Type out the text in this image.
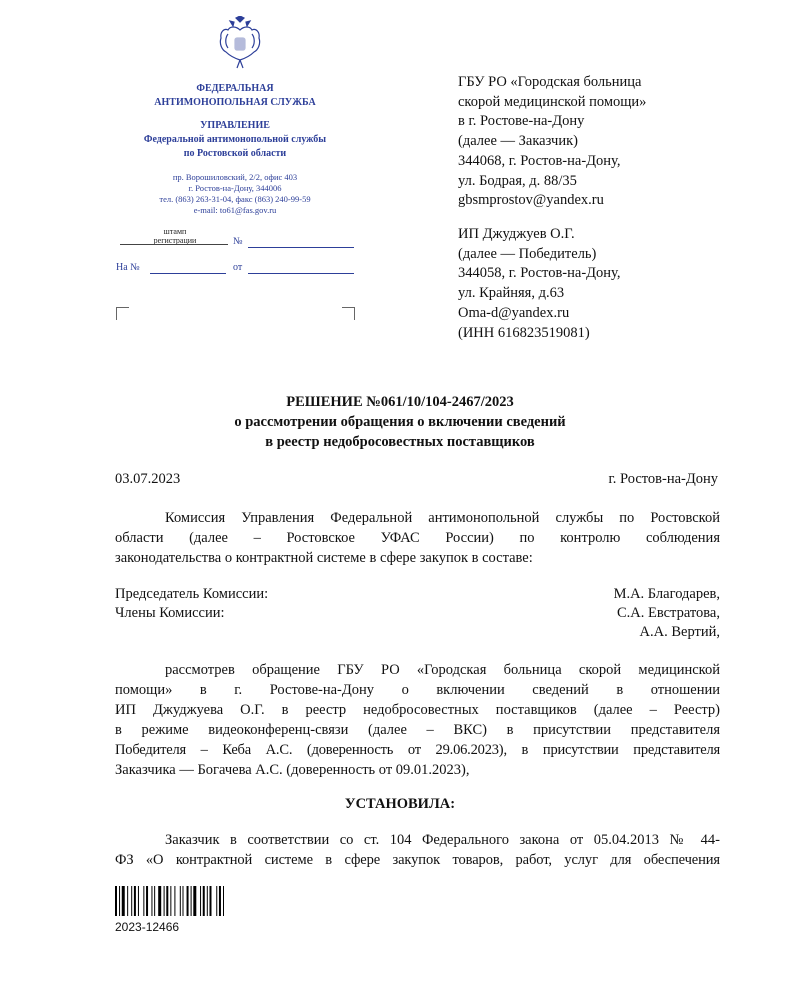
ФЕДЕРАЛЬНАЯ
АНТИМОНОПОЛЬНАЯ СЛУЖБА
УПРАВЛЕНИЕ
Федеральной антимонопольной службы
по Ростовской области
пр. Ворошиловский, 2/2, офис 403
г. Ростов-на-Дону, 344006
тел. (863) 263-31-04, факс (863) 240-99-59
e-mail: to61@fas.gov.ru
штамп
регистрации	№
На №	от
ГБУ РО «Городская больница
скорой медицинской помощи»
в г. Ростове-на-Дону
(далее — Заказчик)
344068, г. Ростов-на-Дону,
ул. Бодрая, д. 88/35
gbsmprostov@yandex.ru
ИП Джуджуев О.Г.
(далее — Победитель)
344058, г. Ростов-на-Дону,
ул. Крайняя, д.63
Oma-d@yandex.ru
(ИНН 616823519081)
РЕШЕНИЕ №061/10/104-2467/2023
о рассмотрении обращения о включении сведений
в реестр недобросовестных поставщиков
03.07.2023	г. Ростов-на-Дону
Комиссия Управления Федеральной антимонопольной службы по Ростовской
области (далее – Ростовское УФАС России) по контролю соблюдения
законодательства о контрактной системе в сфере закупок в составе:
Председатель Комиссии:	М.А. Благодарев,
Члены Комиссии:	С.А. Евстратова,
А.А. Вертий,
рассмотрев обращение ГБУ РО «Городская больница скорой медицинской
помощи» в г. Ростове-на-Дону о включении сведений в отношении
ИП Джуджуева О.Г. в реестр недобросовестных поставщиков (далее – Реестр)
в режиме видеоконференц-связи (далее – ВКС) в присутствии представителя
Победителя – Кеба А.С. (доверенность от 29.06.2023), в присутствии представителя
Заказчика — Богачева А.С. (доверенность от 09.01.2023),
УСТАНОВИЛА:
Заказчик в соответствии со ст. 104 Федерального закона от 05.04.2013 № 44-
ФЗ «О контрактной системе в сфере закупок товаров, работ, услуг для обеспечения
2023-12466
